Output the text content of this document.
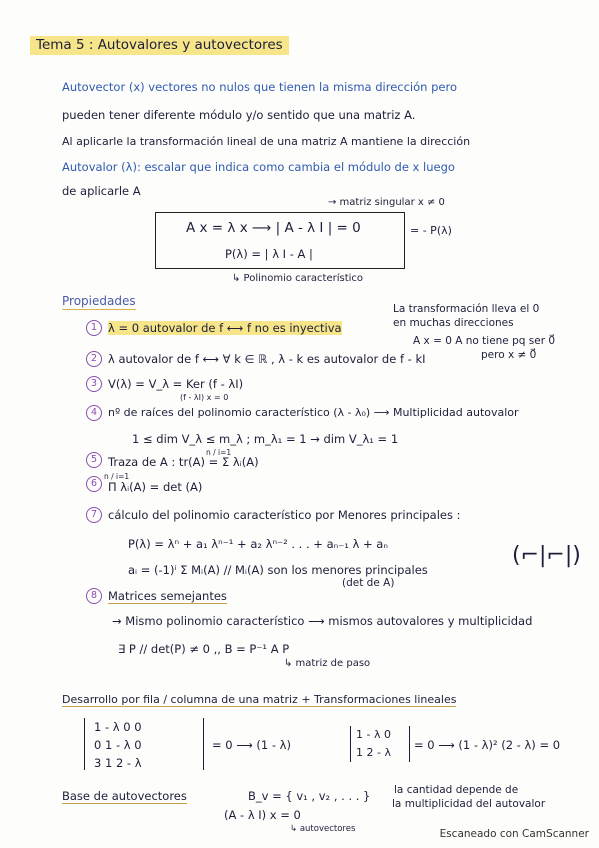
Tema 5 : Autovalores y autovectores
Autovector (x) vectores no nulos que tienen la misma dirección pero
pueden tener diferente módulo y/o sentido que una matriz A.
Al aplicarle la transformación lineal de una matriz A mantiene la dirección
Autovalor (λ): escalar que indica como cambia el módulo de x luego
de aplicarle A
→ matriz singular x ≠ 0
A x = λ x ⟶ | A - λ I | = 0	= - P(λ)
P(λ) = | λ I - A |
↳ Polinomio característico
Propiedades
1 λ = 0 autovalor de f ⟷ f no es inyectiva
La transformación lleva el 0
en muchas direcciones
A x = 0 A no tiene pq ser 0⃗
pero x ≠ 0⃗
2 λ autovalor de f ⟷ ∀ k ∈ ℝ , λ - k es autovalor de f - kI
3 V(λ) = V_λ = Ker (f - λI)
(f - λI) x = 0
4 nº de raíces del polinomio característico (λ - λ₀) ⟶ Multiplicidad autovalor
1 ≤ dim V_λ ≤ m_λ ; m_λ₁ = 1 → dim V_λ₁ = 1
5 Traza de A : tr(A) = Σ λᵢ(A)
n / i=1
6 Π λᵢ(A) = det (A)
n / i=1
7 cálculo del polinomio característico por Menores principales :
P(λ) = λⁿ + a₁ λⁿ⁻¹ + a₂ λⁿ⁻² . . . + aₙ₋₁ λ + aₙ
aᵢ = (-1)ⁱ Σ Mᵢ(A) // Mᵢ(A) son los menores principales
(det de A)
(⌐|⌐|)
8 Matrices semejantes
→ Mismo polinomio característico ⟶ mismos autovalores y multiplicidad
∃ P // det(P) ≠ 0 ,, B = P⁻¹ A P
↳ matriz de paso
Desarrollo por fila / columna de una matriz + Transformaciones lineales
1 - λ 0 0
0 1 - λ 0
3 1 2 - λ
= 0 ⟶ (1 - λ)
1 - λ 0
1 2 - λ
= 0 ⟶ (1 - λ)² (2 - λ) = 0
Base de autovectores	B_v = { v₁ , v₂ , . . . } la cantidad depende de
la multiplicidad del autovalor
(A - λ I) x = 0
↳ autovectores	Escaneado con CamScanner
